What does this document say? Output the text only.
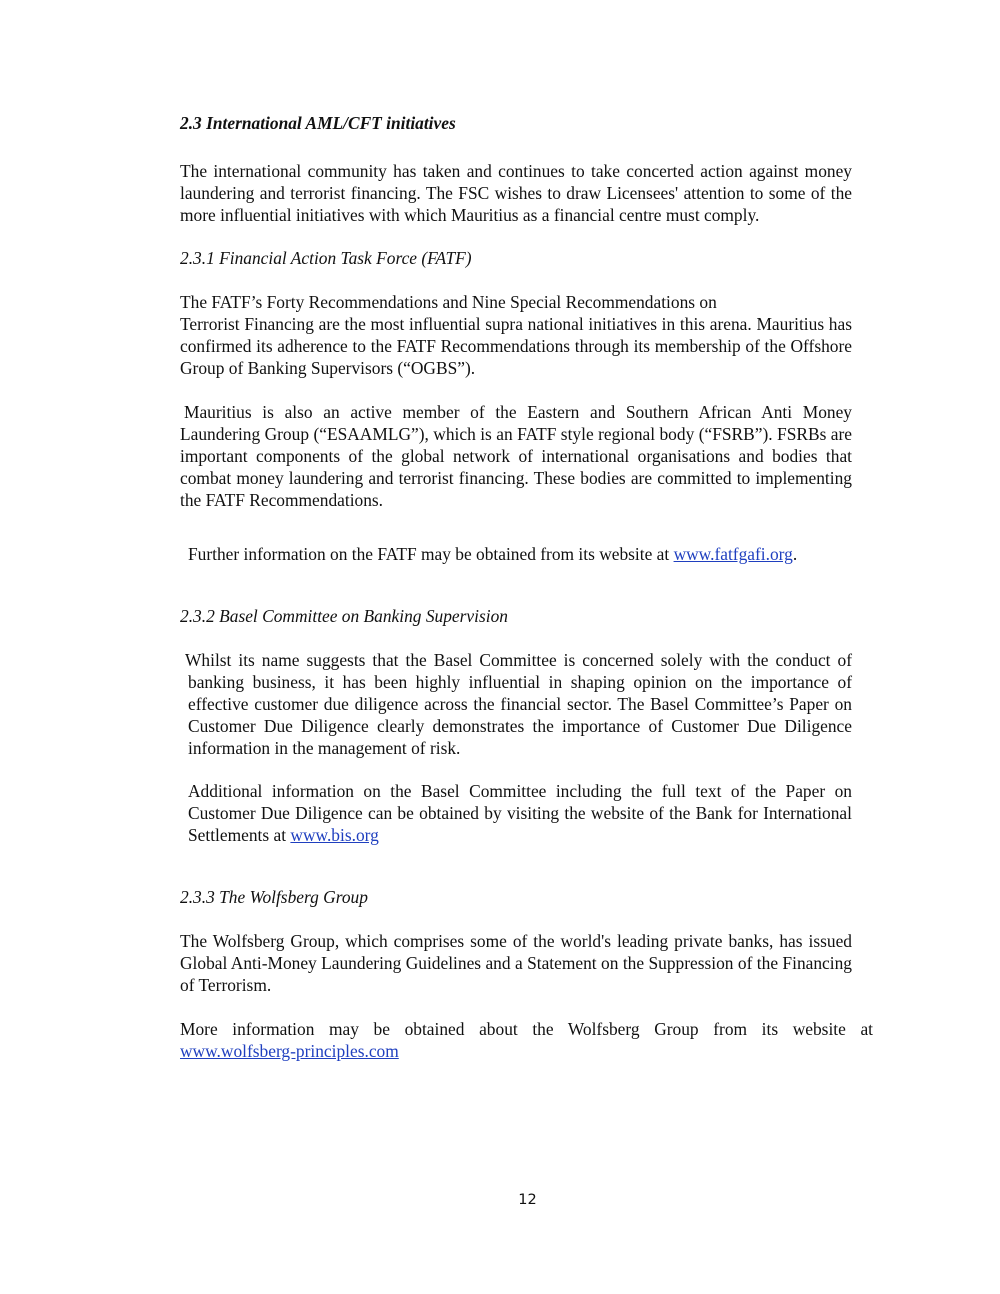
2.3 International AML/CFT initiatives

The international community has taken and continues to take concerted action against money laundering and terrorist financing. The FSC wishes to draw Licensees' attention to some of the more influential initiatives with which Mauritius as a financial centre must comply.

2.3.1 Financial Action Task Force (FATF)

The FATF’s Forty Recommendations and Nine Special Recommendations on
Terrorist Financing are the most influential supra national initiatives in this arena. Mauritius has confirmed its adherence to the FATF Recommendations through its membership of the Offshore Group of Banking Supervisors (“OGBS”).

Mauritius is also an active member of the Eastern and Southern African Anti Money Laundering Group (“ESAAMLG”), which is an FATF style regional body (“FSRB”). FSRBs are important components of the global network of international organisations and bodies that combat money laundering and terrorist financing. These bodies are committed to implementing the FATF Recommendations.

Further information on the FATF may be obtained from its website at www.fatfgafi.org.

2.3.2 Basel Committee on Banking Supervision

Whilst its name suggests that the Basel Committee is concerned solely with the conduct of banking business, it has been highly influential in shaping opinion on the importance of effective customer due diligence across the financial sector. The Basel Committee’s Paper on Customer Due Diligence clearly demonstrates the importance of Customer Due Diligence information in the management of risk.

Additional information on the Basel Committee including the full text of the Paper on Customer Due Diligence can be obtained by visiting the website of the Bank for International Settlements at www.bis.org

2.3.3 The Wolfsberg Group

The Wolfsberg Group, which comprises some of the world's leading private banks, has issued Global Anti-Money Laundering Guidelines and a Statement on the Suppression of the Financing of Terrorism.

More information may be obtained about the Wolfsberg Group from its website at
www.wolfsberg-principles.com
12
